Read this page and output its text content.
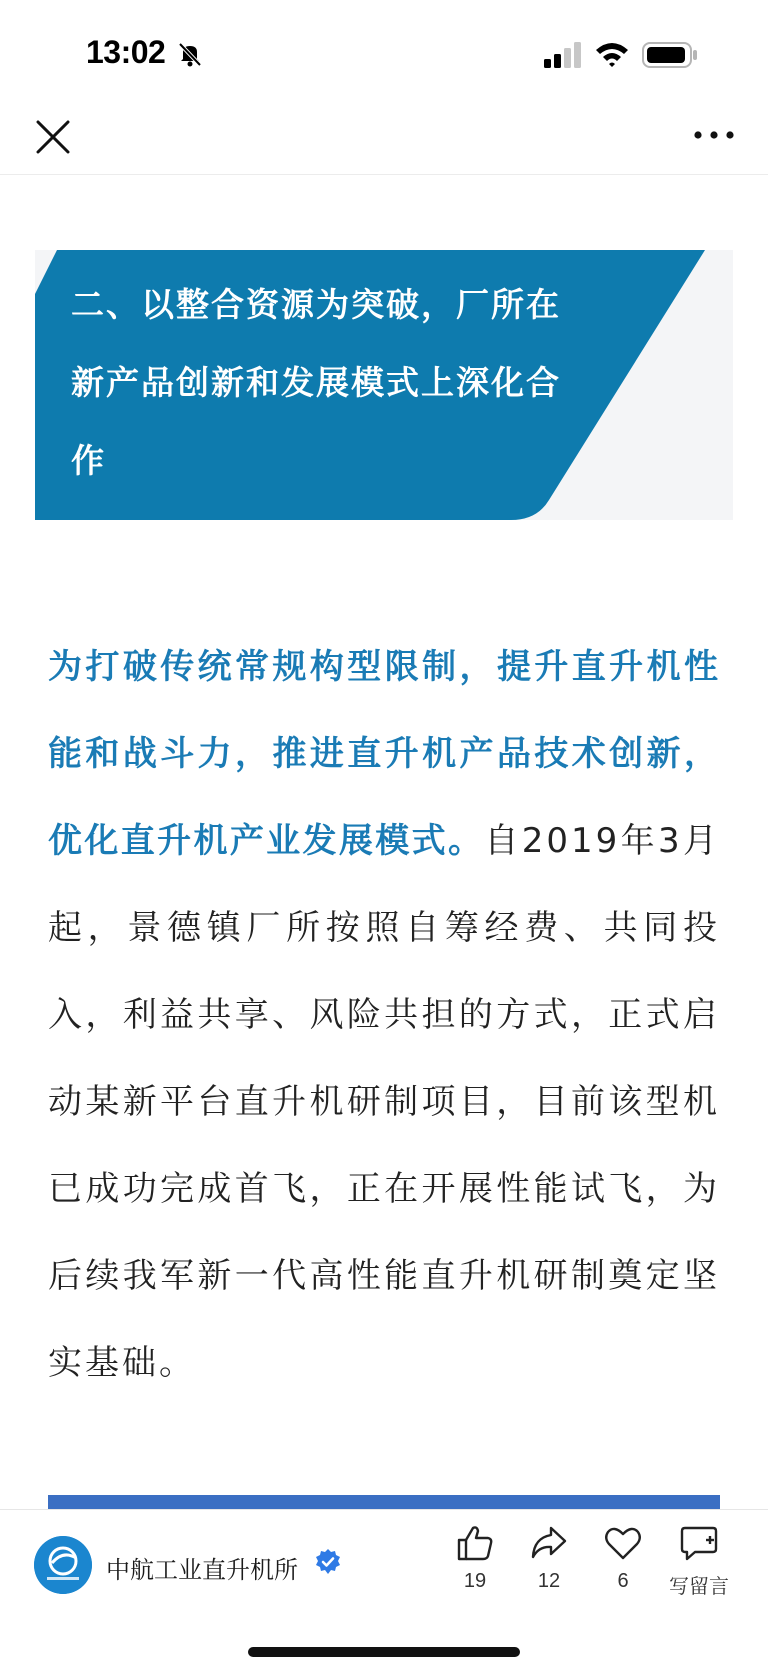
13:02
二、以整合资源为突破，厂所在新产品创新和发展模式上深化合作

为打破传统常规构型限制，提升直升机性能和战斗力，推进直升机产品技术创新，优化直升机产业发展模式。自2019年3月起，景德镇厂所按照自筹经费、共同投入，利益共享、风险共担的方式，正式启动某新平台直升机研制项目，目前该型机已成功完成首飞，正在开展性能试飞，为后续我军新一代高性能直升机研制奠定坚实基础。

中航工业直升机所	19	12	6	写留言
